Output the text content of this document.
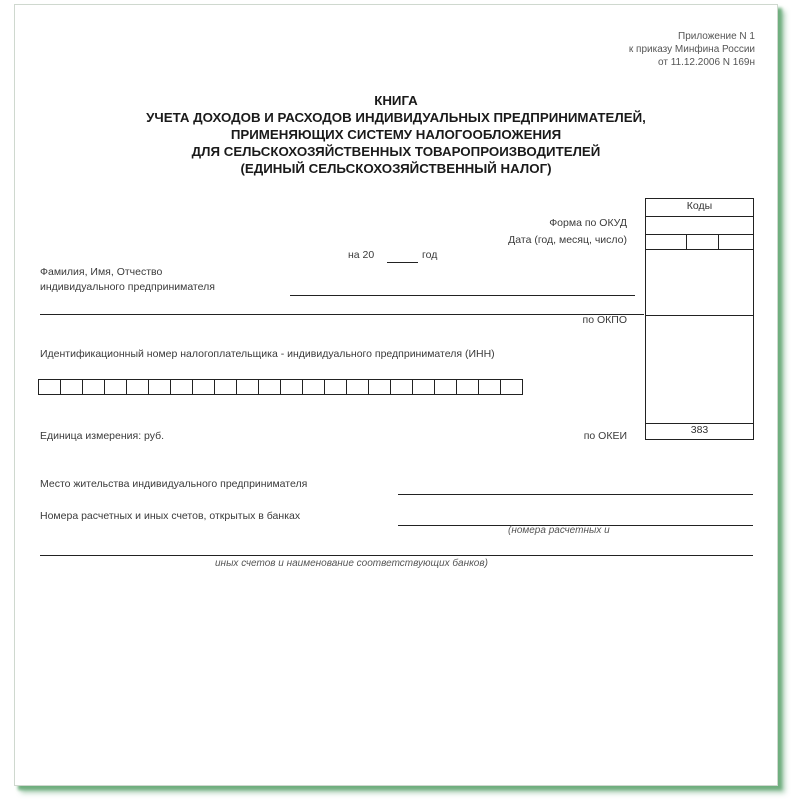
Приложение N 1
к приказу Минфина России
от 11.12.2006 N 169н
КНИГА
УЧЕТА ДОХОДОВ И РАСХОДОВ ИНДИВИДУАЛЬНЫХ ПРЕДПРИНИМАТЕЛЕЙ,
ПРИМЕНЯЮЩИХ СИСТЕМУ НАЛОГООБЛОЖЕНИЯ
ДЛЯ СЕЛЬСКОХОЗЯЙСТВЕННЫХ ТОВАРОПРОИЗВОДИТЕЛЕЙ
(ЕДИНЫЙ СЕЛЬСКОХОЗЯЙСТВЕННЫЙ НАЛОГ)
Коды
383
Форма по ОКУД
Дата (год, месяц, число)
на 20	год
Фамилия, Имя, Отчество
индивидуального предпринимателя
по ОКПО
Идентификационный номер налогоплательщика - индивидуального предпринимателя (ИНН)
Единица измерения: руб.	по ОКЕИ
Место жительства индивидуального предпринимателя
Номера расчетных и иных счетов, открытых в банках
(номера расчетных и
иных счетов и наименование соответствующих банков)
